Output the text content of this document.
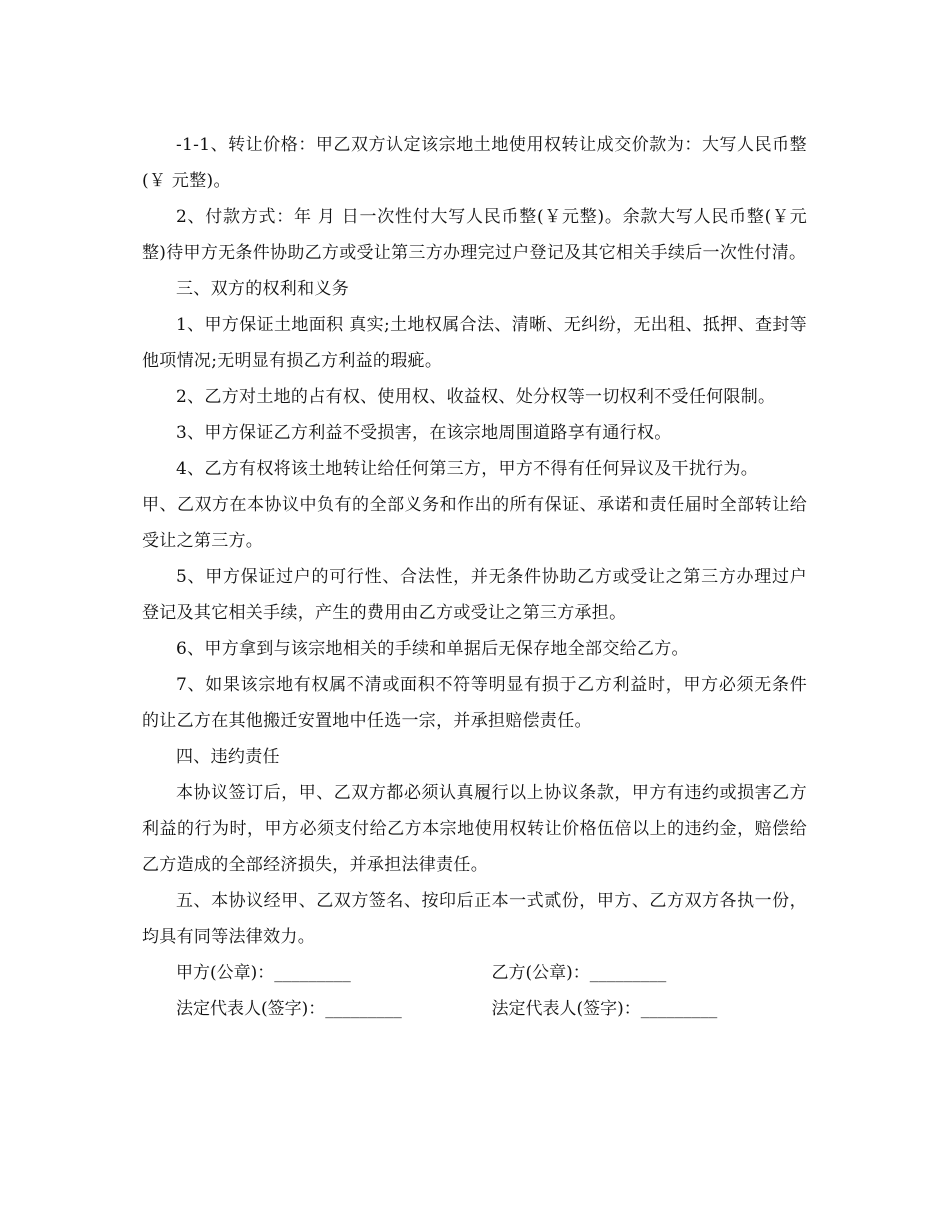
-1-1、转让价格：甲乙双方认定该宗地土地使用权转让成交价款为：大写人民币整(￥ 元整)。

2、付款方式：年 月 日一次性付大写人民币整(￥元整)。余款大写人民币整(￥元整)待甲方无条件协助乙方或受让第三方办理完过户登记及其它相关手续后一次性付清。

三、双方的权利和义务

1、甲方保证土地面积 真实;土地权属合法、清晰、无纠纷，无出租、抵押、查封等他项情况;无明显有损乙方利益的瑕疵。

2、乙方对土地的占有权、使用权、收益权、处分权等一切权利不受任何限制。

3、甲方保证乙方利益不受损害，在该宗地周围道路享有通行权。

4、乙方有权将该土地转让给任何第三方，甲方不得有任何异议及干扰行为。

甲、乙双方在本协议中负有的全部义务和作出的所有保证、承诺和责任届时全部转让给受让之第三方。

5、甲方保证过户的可行性、合法性，并无条件协助乙方或受让之第三方办理过户登记及其它相关手续，产生的费用由乙方或受让之第三方承担。

6、甲方拿到与该宗地相关的手续和单据后无保存地全部交给乙方。

7、如果该宗地有权属不清或面积不符等明显有损于乙方利益时，甲方必须无条件的让乙方在其他搬迁安置地中任选一宗，并承担赔偿责任。

四、违约责任

本协议签订后，甲、乙双方都必须认真履行以上协议条款，甲方有违约或损害乙方利益的行为时，甲方必须支付给乙方本宗地使用权转让价格伍倍以上的违约金，赔偿给乙方造成的全部经济损失，并承担法律责任。

五、本协议经甲、乙双方签名、按印后正本一式贰份，甲方、乙方双方各执一份，均具有同等法律效力。

甲方(公章)：_________	乙方(公章)：_________
法定代表人(签字)：_________	法定代表人(签字)：_________
